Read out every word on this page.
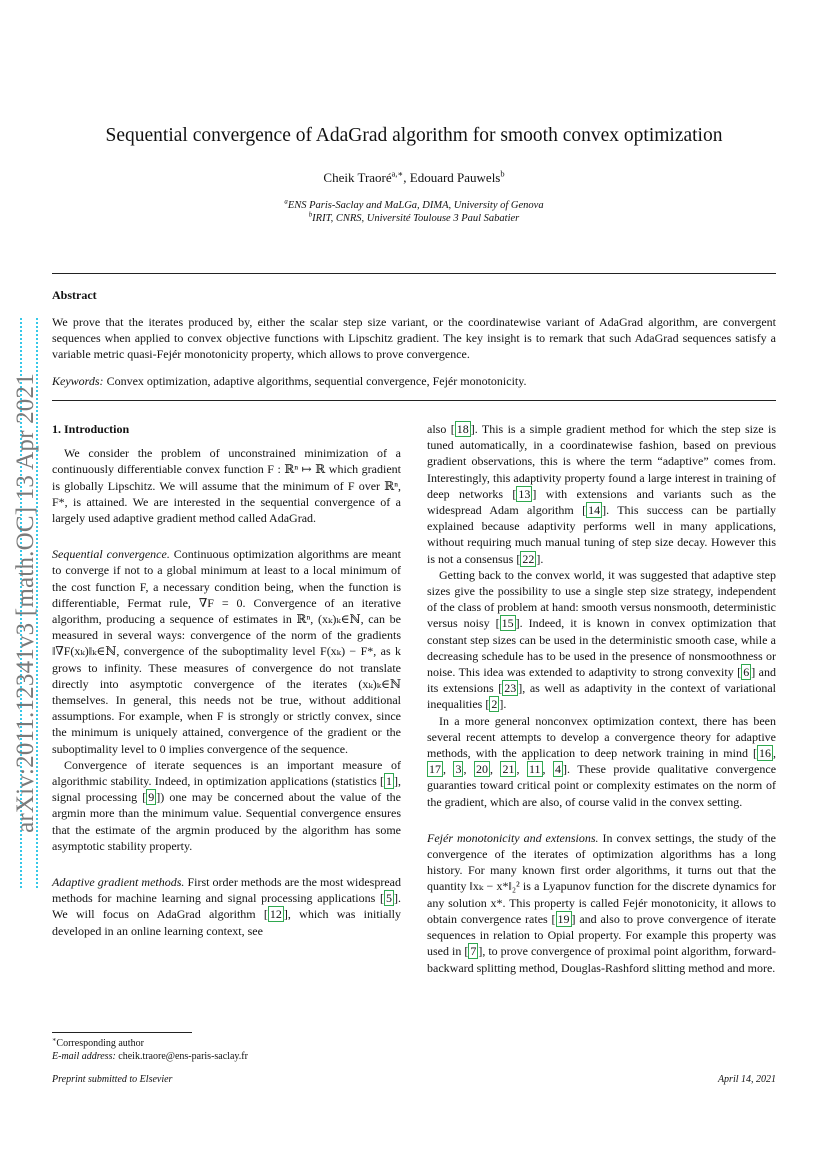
arXiv:2011.12341v3 [math.OC] 13 Apr 2021
Sequential convergence of AdaGrad algorithm for smooth convex optimization
Cheik Traoré$^{a,∗}$, Edouard Pauwels$^b$
$^a$ENS Paris-Saclay and MaLGa, DIMA, University of Genova
$^b$IRIT, CNRS, Université Toulouse 3 Paul Sabatier
Abstract
We prove that the iterates produced by, either the scalar step size variant, or the coordinatewise variant of AdaGrad algorithm, are convergent sequences when applied to convex objective functions with Lipschitz gradient. The key insight is to remark that such AdaGrad sequences satisfy a variable metric quasi-Fejér monotonicity property, which allows to prove convergence.
Keywords: Convex optimization, adaptive algorithms, sequential convergence, Fejér monotonicity.

1. Introduction

We consider the problem of unconstrained minimization of a continuously differentiable convex function F : ℝⁿ ↦ ℝ which gradient is globally Lipschitz. We will assume that the minimum of F over ℝⁿ, F*, is attained. We are interested in the sequential convergence of a largely used adaptive gradient method called AdaGrad.

Sequential convergence. Continuous optimization algorithms are meant to converge if not to a global minimum at least to a local minimum of the cost function F, a necessary condition being, when the function is differentiable, Fermat rule, ∇F = 0. Convergence of an iterative algorithm, producing a sequence of estimates in ℝⁿ, (xₖ)ₖ∈ℕ, can be measured in several ways: convergence of the norm of the gradients ‖∇F(xₖ)‖ₖ∈ℕ, convergence of the suboptimality level F(xₖ) − F*, as k grows to infinity. These measures of convergence do not translate directly into asymptotic convergence of the iterates (xₖ)ₖ∈ℕ themselves. In general, this needs not be true, without additional assumptions. For example, when F is strongly or strictly convex, since the minimum is uniquely attained, convergence of the gradient or the suboptimality level to 0 implies convergence of the sequence.

Convergence of iterate sequences is an important measure of algorithmic stability. Indeed, in optimization applications (statistics [ 1 ], signal processing [ 9 ]) one may be concerned about the value of the argmin more than the minimum value. Sequential convergence ensures that the estimate of the argmin produced by the algorithm has some asymptotic stability property.

Adaptive gradient methods. First order methods are the most widespread methods for machine learning and signal processing applications [ 5 ]. We will focus on AdaGrad algorithm [ 12 ], which was initially developed in an online learning context, see

also [ 18 ]. This is a simple gradient method for which the step size is tuned automatically, in a coordinatewise fashion, based on previous gradient observations, this is where the term “adaptive” comes from. Interestingly, this adaptivity property found a large interest in training of deep networks [ 13 ] with extensions and variants such as the widespread Adam algorithm [ 14 ]. This success can be partially explained because adaptivity performs well in many applications, without requiring much manual tuning of step size decay. However this is not a consensus [ 22 ].

Getting back to the convex world, it was suggested that adaptive step sizes give the possibility to use a single step size strategy, independent of the class of problem at hand: smooth versus nonsmooth, deterministic versus noisy [ 15 ]. Indeed, it is known in convex optimization that constant step sizes can be used in the deterministic smooth case, while a decreasing schedule has to be used in the presence of nonsmoothness or noise. This idea was extended to adaptivity to strong convexity [ 6 ] and its extensions [ 23 ], as well as adaptivity in the context of variational inequalities [ 2 ].

In a more general nonconvex optimization context, there has been several recent attempts to develop a convergence theory for adaptive methods, with the application to deep network training in mind [ 16 , 17 , 3 , 20 , 21 , 11 , 4 ]. These provide qualitative convergence guaranties toward critical point or complexity estimates on the norm of the gradient, which are also, of course valid in the convex setting.

Fejér monotonicity and extensions. In convex settings, the study of the convergence of the iterates of optimization algorithms has a long history. For many known first order algorithms, it turns out that the quantity ‖xₖ − x*‖₂² is a Lyapunov function for the discrete dynamics for any solution x*. This property is called Fejér monotonicity, it allows to obtain convergence rates [ 19 ] and also to prove convergence of iterate sequences in relation to Opial property. For example this property was used in [ 7 ], to prove convergence of proximal point algorithm, forward-backward splitting method, Douglas-Rashford slitting method and more.

∗Corresponding author
E-mail address: cheik.traore@ens-paris-saclay.fr
Preprint submitted to Elsevier	April 14, 2021
